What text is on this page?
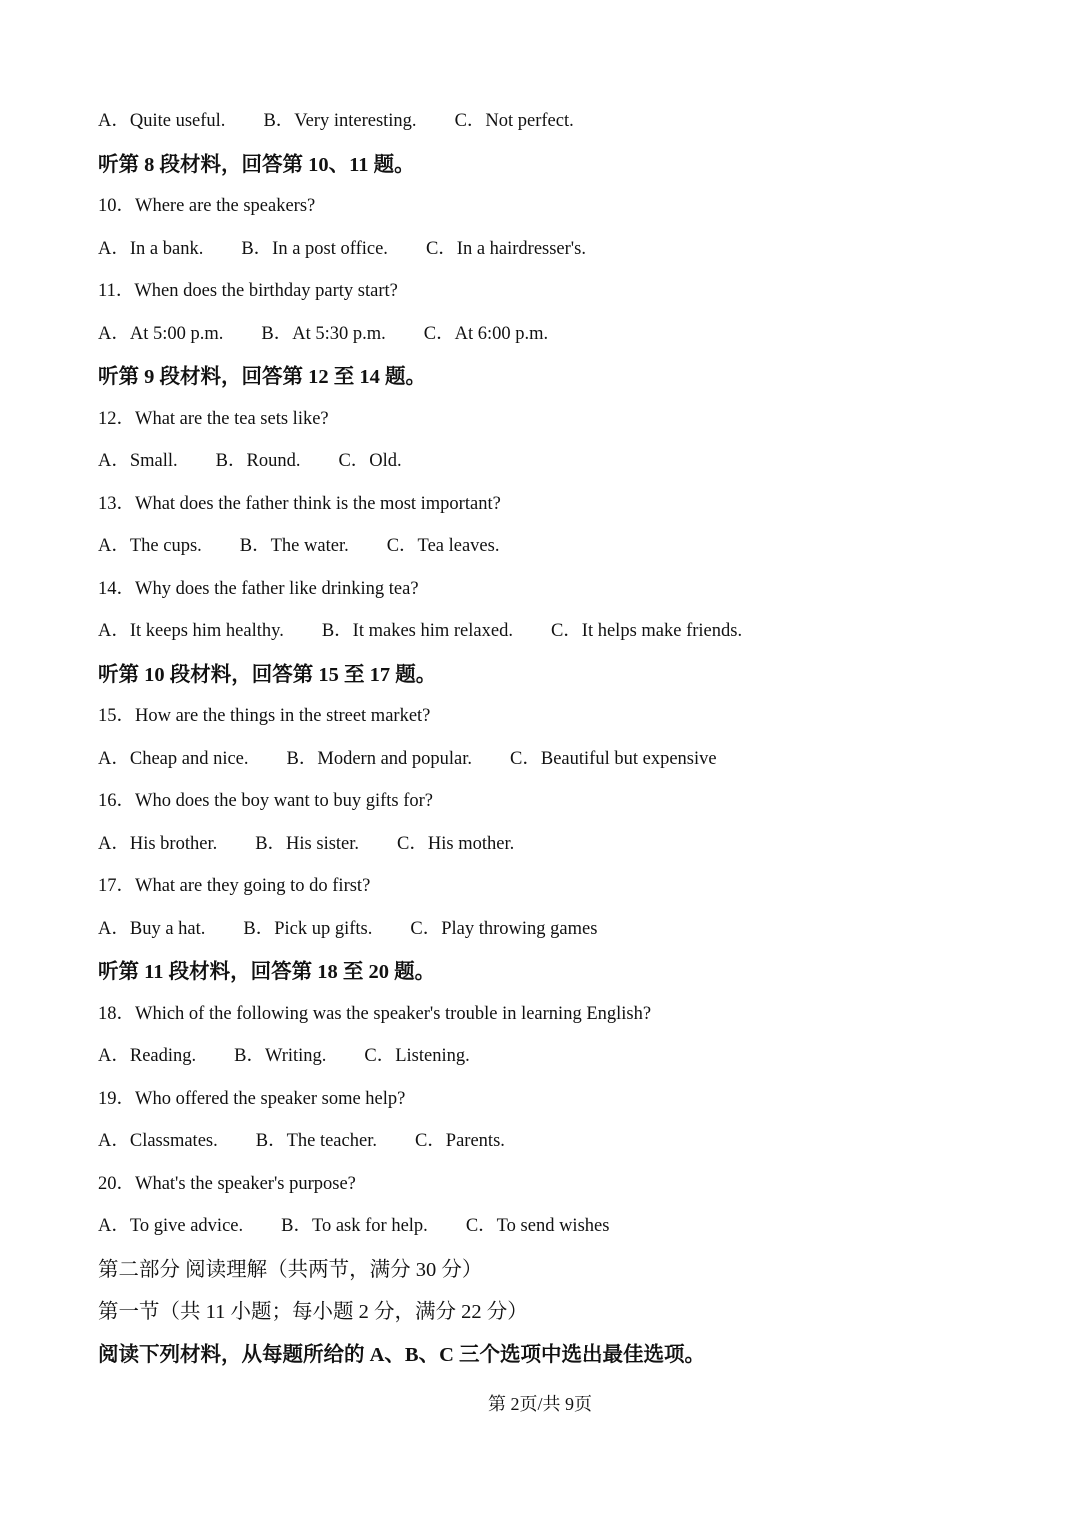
A．Quite useful. B．Very interesting. C．Not perfect.
听第 8 段材料，回答第 10、11 题。
10．Where are the speakers?
A．In a bank. B．In a post office. C．In a hairdresser's.
11．When does the birthday party start?
A．At 5:00 p.m. B．At 5:30 p.m. C．At 6:00 p.m.
听第 9 段材料，回答第 12 至 14 题。
12．What are the tea sets like?
A．Small. B．Round. C．Old.
13．What does the father think is the most important?
A．The cups. B．The water. C．Tea leaves.
14．Why does the father like drinking tea?
A．It keeps him healthy. B．It makes him relaxed. C．It helps make friends.
听第 10 段材料，回答第 15 至 17 题。
15．How are the things in the street market?
A．Cheap and nice. B．Modern and popular. C．Beautiful but expensive
16．Who does the boy want to buy gifts for?
A．His brother. B．His sister. C．His mother.
17．What are they going to do first?
A．Buy a hat. B．Pick up gifts. C．Play throwing games
听第 11 段材料，回答第 18 至 20 题。
18．Which of the following was the speaker's trouble in learning English?
A．Reading. B．Writing. C．Listening.
19．Who offered the speaker some help?
A．Classmates. B．The teacher. C．Parents.
20．What's the speaker's purpose?
A．To give advice. B．To ask for help. C．To send wishes
第二部分 阅读理解（共两节，满分 30 分）
第一节（共 11 小题；每小题 2 分，满分 22 分）
阅读下列材料，从每题所给的 A、B、C 三个选项中选出最佳选项。
第 2页/共 9页
